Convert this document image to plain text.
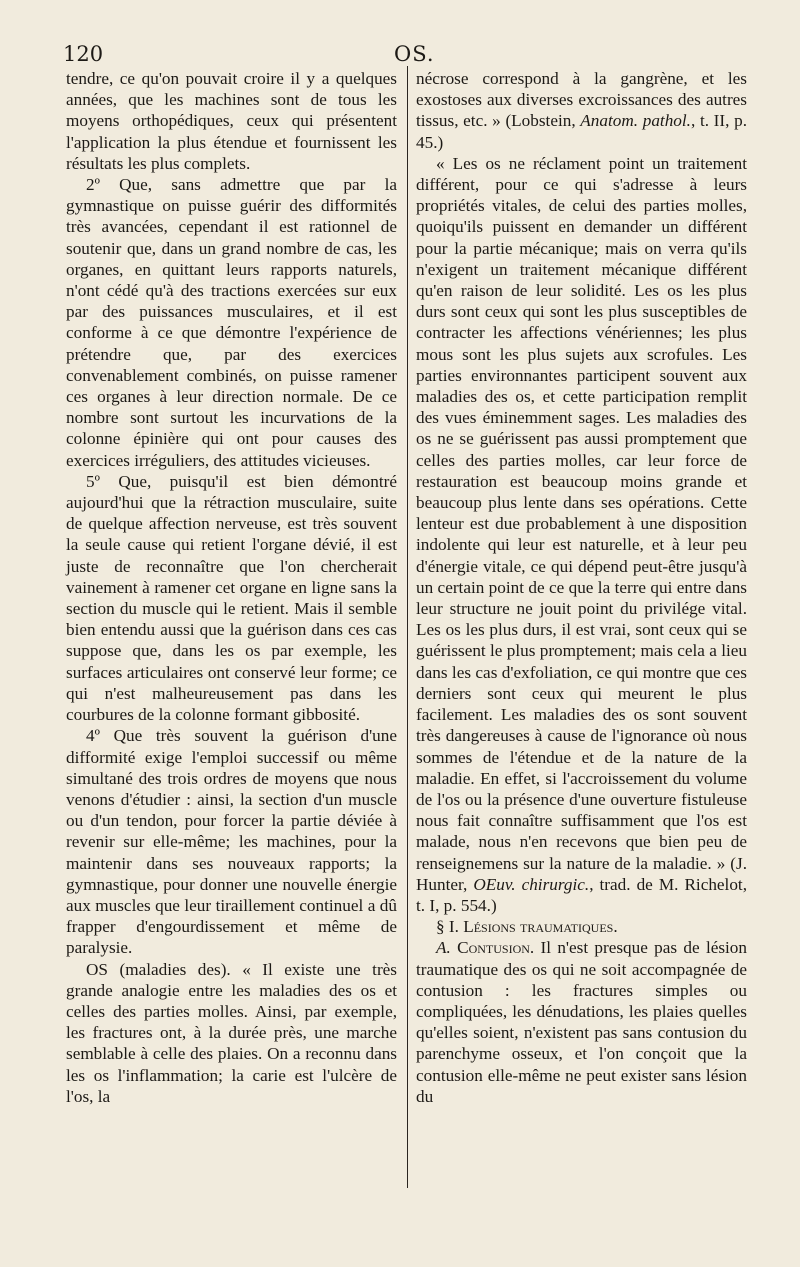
120	OS.

tendre, ce qu'on pouvait croire il y a quelques années, que les machines sont de tous les moyens orthopédiques, ceux qui présentent l'application la plus étendue et fournissent les résultats les plus complets.

2º Que, sans admettre que par la gymnastique on puisse guérir des difformités très avancées, cependant il est rationnel de soutenir que, dans un grand nombre de cas, les organes, en quittant leurs rapports naturels, n'ont cédé qu'à des tractions exercées sur eux par des puissances musculaires, et il est conforme à ce que démontre l'expérience de prétendre que, par des exercices convenablement combinés, on puisse ramener ces organes à leur direction normale. De ce nombre sont surtout les incurvations de la colonne épinière qui ont pour causes des exercices irréguliers, des attitudes vicieuses.

5º Que, puisqu'il est bien démontré aujourd'hui que la rétraction musculaire, suite de quelque affection nerveuse, est très souvent la seule cause qui retient l'organe dévié, il est juste de reconnaître que l'on chercherait vainement à ramener cet organe en ligne sans la section du muscle qui le retient. Mais il semble bien entendu aussi que la guérison dans ces cas suppose que, dans les os par exemple, les surfaces articulaires ont conservé leur forme; ce qui n'est malheureusement pas dans les courbures de la colonne formant gibbosité.

4º Que très souvent la guérison d'une difformité exige l'emploi successif ou même simultané des trois ordres de moyens que nous venons d'étudier : ainsi, la section d'un muscle ou d'un tendon, pour forcer la partie déviée à revenir sur elle-même; les machines, pour la maintenir dans ses nouveaux rapports; la gymnastique, pour donner une nouvelle énergie aux muscles que leur tiraillement continuel a dû frapper d'engourdissement et même de paralysie.

OS (maladies des). « Il existe une très grande analogie entre les maladies des os et celles des parties molles. Ainsi, par exemple, les fractures ont, à la durée près, une marche semblable à celle des plaies. On a reconnu dans les os l'inflammation; la carie est l'ulcère de l'os, la

nécrose correspond à la gangrène, et les exostoses aux diverses excroissances des autres tissus, etc. » (Lobstein, Anatom. pathol., t. II, p. 45.)

« Les os ne réclament point un traitement différent, pour ce qui s'adresse à leurs propriétés vitales, de celui des parties molles, quoiqu'ils puissent en demander un différent pour la partie mécanique; mais on verra qu'ils n'exigent un traitement mécanique différent qu'en raison de leur solidité. Les os les plus durs sont ceux qui sont les plus susceptibles de contracter les affections vénériennes; les plus mous sont les plus sujets aux scrofules. Les parties environnantes participent souvent aux maladies des os, et cette participation remplit des vues éminemment sages. Les maladies des os ne se guérissent pas aussi promptement que celles des parties molles, car leur force de restauration est beaucoup moins grande et beaucoup plus lente dans ses opérations. Cette lenteur est due probablement à une disposition indolente qui leur est naturelle, et à leur peu d'énergie vitale, ce qui dépend peut-être jusqu'à un certain point de ce que la terre qui entre dans leur structure ne jouit point du privilége vital. Les os les plus durs, il est vrai, sont ceux qui se guérissent le plus promptement; mais cela a lieu dans les cas d'exfoliation, ce qui montre que ces derniers sont ceux qui meurent le plus facilement. Les maladies des os sont souvent très dangereuses à cause de l'ignorance où nous sommes de l'étendue et de la nature de la maladie. En effet, si l'accroissement du volume de l'os ou la présence d'une ouverture fistuleuse nous fait connaître suffisamment que l'os est malade, nous n'en recevons que bien peu de renseignemens sur la nature de la maladie. » (J. Hunter, OEuv. chirurgic., trad. de M. Richelot, t. I, p. 554.)

§ I. Lésions traumatiques.

A. Contusion. Il n'est presque pas de lésion traumatique des os qui ne soit accompagnée de contusion : les fractures simples ou compliquées, les dénudations, les plaies quelles qu'elles soient, n'existent pas sans contusion du parenchyme osseux, et l'on conçoit que la contusion elle-même ne peut exister sans lésion du
